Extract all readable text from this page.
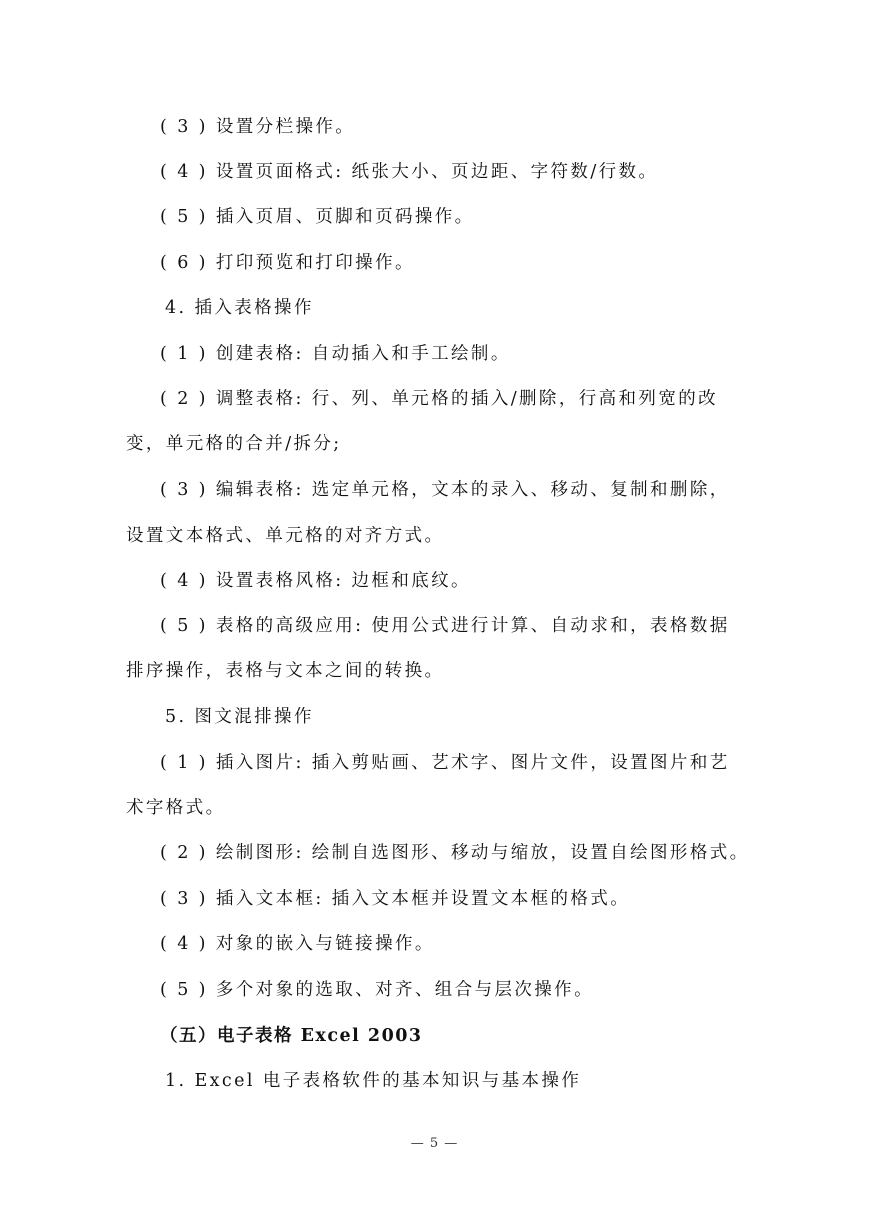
( 3 ) 设置分栏操作。
( 4 ) 设置页面格式: 纸张大小、页边距、字符数/行数。
( 5 ) 插入页眉、页脚和页码操作。
( 6 ) 打印预览和打印操作。
4. 插入表格操作
( 1 ) 创建表格: 自动插入和手工绘制。
( 2 ) 调整表格: 行、列、单元格的插入/删除，行高和列宽的改
变，单元格的合并/拆分;
( 3 ) 编辑表格: 选定单元格，文本的录入、移动、复制和删除，
设置文本格式、单元格的对齐方式。
( 4 ) 设置表格风格: 边框和底纹。
( 5 ) 表格的高级应用: 使用公式进行计算、自动求和，表格数据
排序操作，表格与文本之间的转换。
5. 图文混排操作
( 1 ) 插入图片: 插入剪贴画、艺术字、图片文件，设置图片和艺
术字格式。
( 2 ) 绘制图形: 绘制自选图形、移动与缩放，设置自绘图形格式。
( 3 ) 插入文本框: 插入文本框并设置文本框的格式。
( 4 ) 对象的嵌入与链接操作。
( 5 ) 多个对象的选取、对齐、组合与层次操作。
（五）电子表格 Excel 2003
1. Excel 电子表格软件的基本知识与基本操作
— 5 —
